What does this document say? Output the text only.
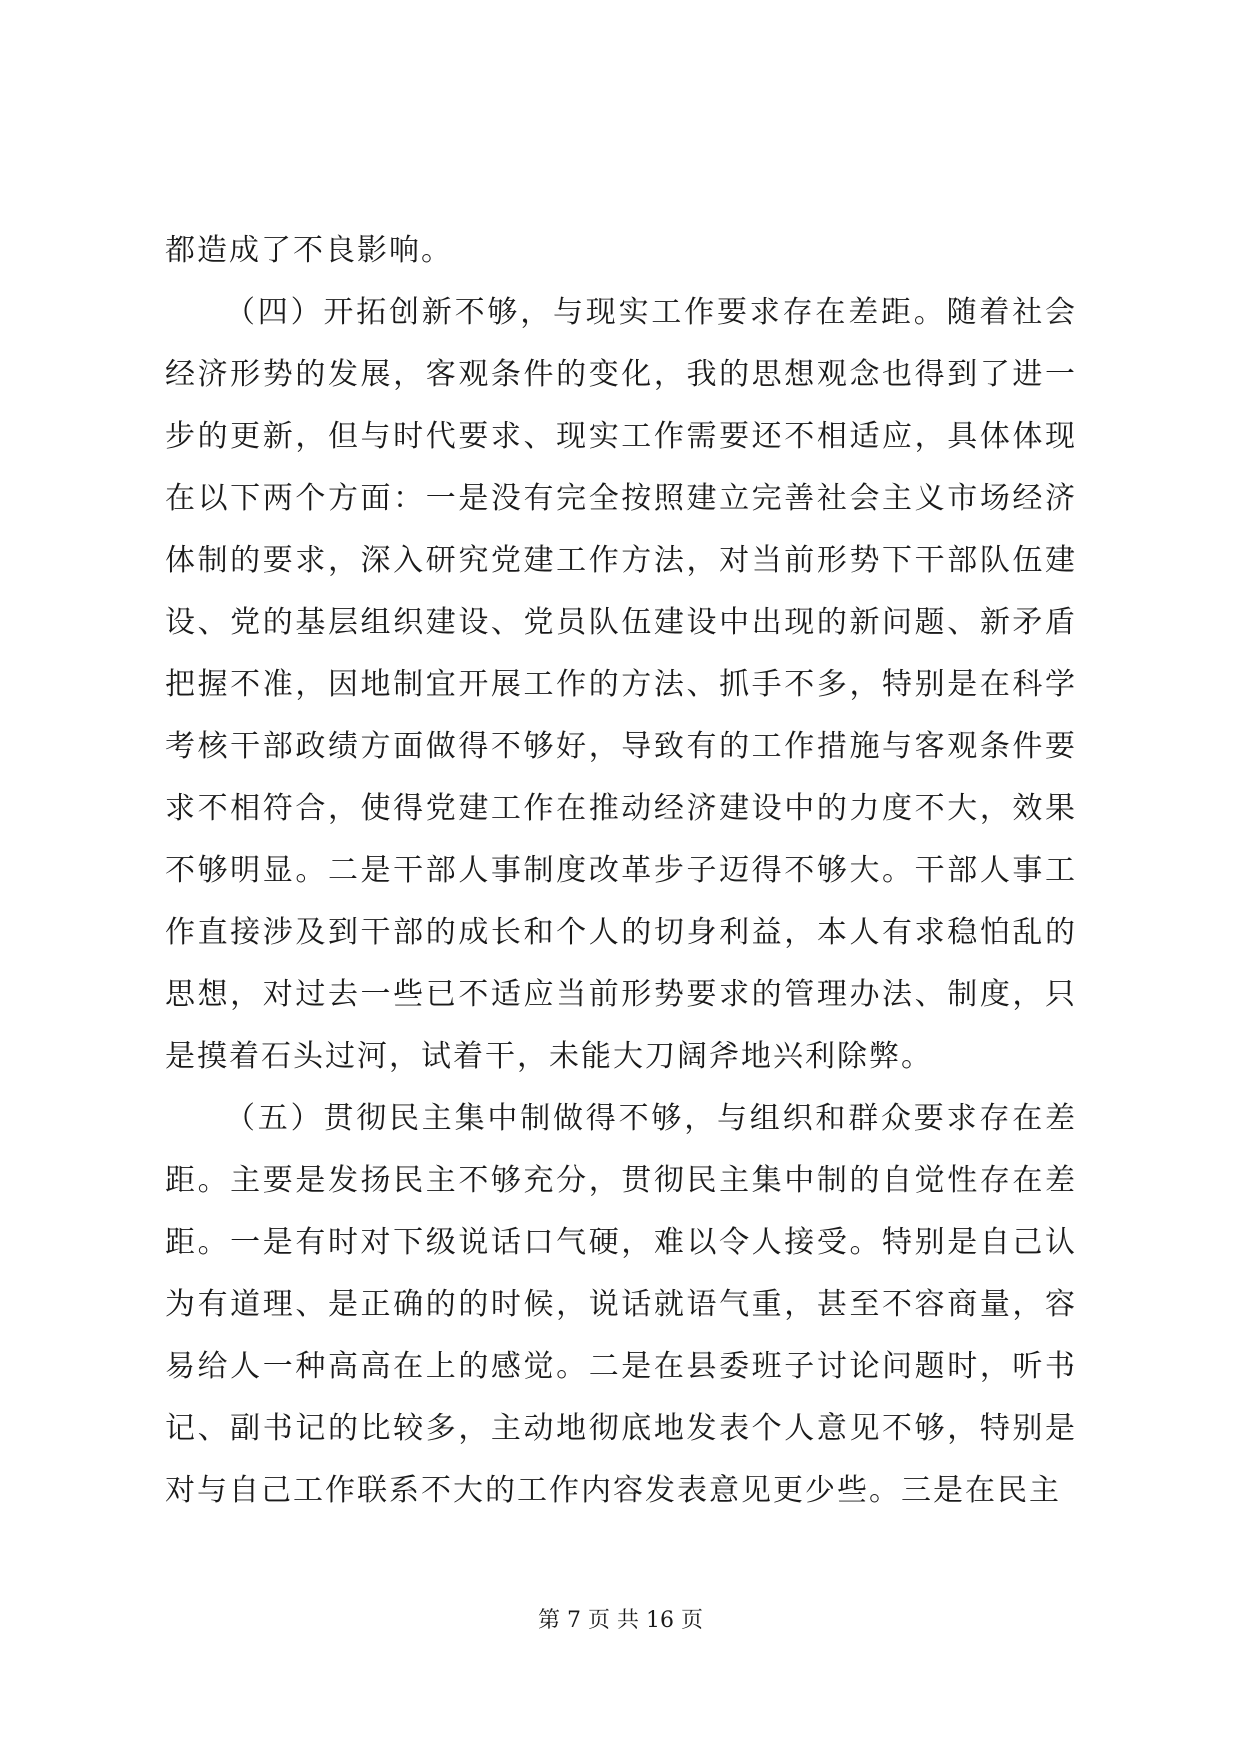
都造成了不良影响。

（四）开拓创新不够，与现实工作要求存在差距。随着社会经济形势的发展，客观条件的变化，我的思想观念也得到了进一步的更新，但与时代要求、现实工作需要还不相适应，具体体现在以下两个方面：一是没有完全按照建立完善社会主义市场经济体制的要求，深入研究党建工作方法，对当前形势下干部队伍建设、党的基层组织建设、党员队伍建设中出现的新问题、新矛盾把握不准，因地制宜开展工作的方法、抓手不多，特别是在科学考核干部政绩方面做得不够好，导致有的工作措施与客观条件要求不相符合，使得党建工作在推动经济建设中的力度不大，效果不够明显。二是干部人事制度改革步子迈得不够大。干部人事工作直接涉及到干部的成长和个人的切身利益，本人有求稳怕乱的思想，对过去一些已不适应当前形势要求的管理办法、制度，只是摸着石头过河，试着干，未能大刀阔斧地兴利除弊。

（五）贯彻民主集中制做得不够，与组织和群众要求存在差距。主要是发扬民主不够充分，贯彻民主集中制的自觉性存在差距。一是有时对下级说话口气硬，难以令人接受。特别是自己认为有道理、是正确的的时候，说话就语气重，甚至不容商量，容易给人一种高高在上的感觉。二是在县委班子讨论问题时，听书记、副书记的比较多，主动地彻底地发表个人意见不够，特别是对与自己工作联系不大的工作内容发表意见更少些。三是在民主

第 7 页 共 16 页
